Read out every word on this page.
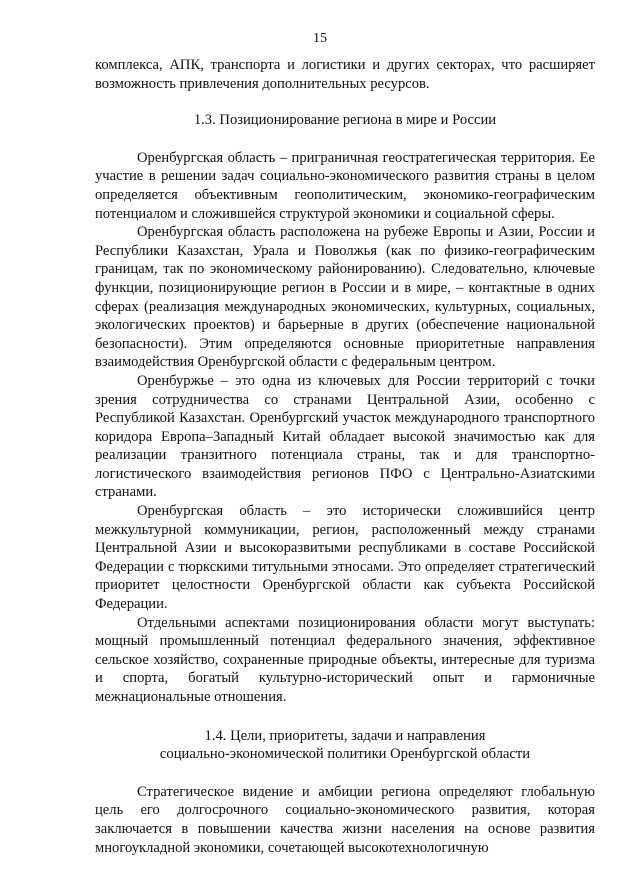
15

комплекса, АПК, транспорта и логистики и других секторах, что расширяет возможность привлечения дополнительных ресурсов.

1.3. Позиционирование региона в мире и России

Оренбургская область – приграничная геостратегическая территория. Ее участие в решении задач социально-экономического развития страны в целом определяется объективным геополитическим, экономико-географическим потенциалом и сложившейся структурой экономики и социальной сферы.

Оренбургская область расположена на рубеже Европы и Азии, России и Республики Казахстан, Урала и Поволжья (как по физико-географическим границам, так по экономическому районированию). Следовательно, ключевые функции, позиционирующие регион в России и в мире, – контактные в одних сферах (реализация международных экономических, культурных, социальных, экологических проектов) и барьерные в других (обеспечение национальной безопасности). Этим определяются основные приоритетные направления взаимодействия Оренбургской области с федеральным центром.

Оренбуржье – это одна из ключевых для России территорий с точки зрения сотрудничества со странами Центральной Азии, особенно с Республикой Казахстан. Оренбургский участок международного транспортного коридора Европа–Западный Китай обладает высокой значимостью как для реализации транзитного потенциала страны, так и для транспортно-логистического взаимодействия регионов ПФО с Центрально-Азиатскими странами.

Оренбургская область – это исторически сложившийся центр межкультурной коммуникации, регион, расположенный между странами Центральной Азии и высокоразвитыми республиками в составе Российской Федерации с тюркскими титульными этносами. Это определяет стратегический приоритет целостности Оренбургской области как субъекта Российской Федерации.

Отдельными аспектами позиционирования области могут выступать: мощный промышленный потенциал федерального значения, эффективное сельское хозяйство, сохраненные природные объекты, интересные для туризма и спорта, богатый культурно-исторический опыт и гармоничные межнациональные отношения.

1.4. Цели, приоритеты, задачи и направления
социально-экономической политики Оренбургской области

Стратегическое видение и амбиции региона определяют глобальную цель его долгосрочного социально-экономического развития, которая заключается в повышении качества жизни населения на основе развития многоукладной экономики, сочетающей высокотехнологичную
